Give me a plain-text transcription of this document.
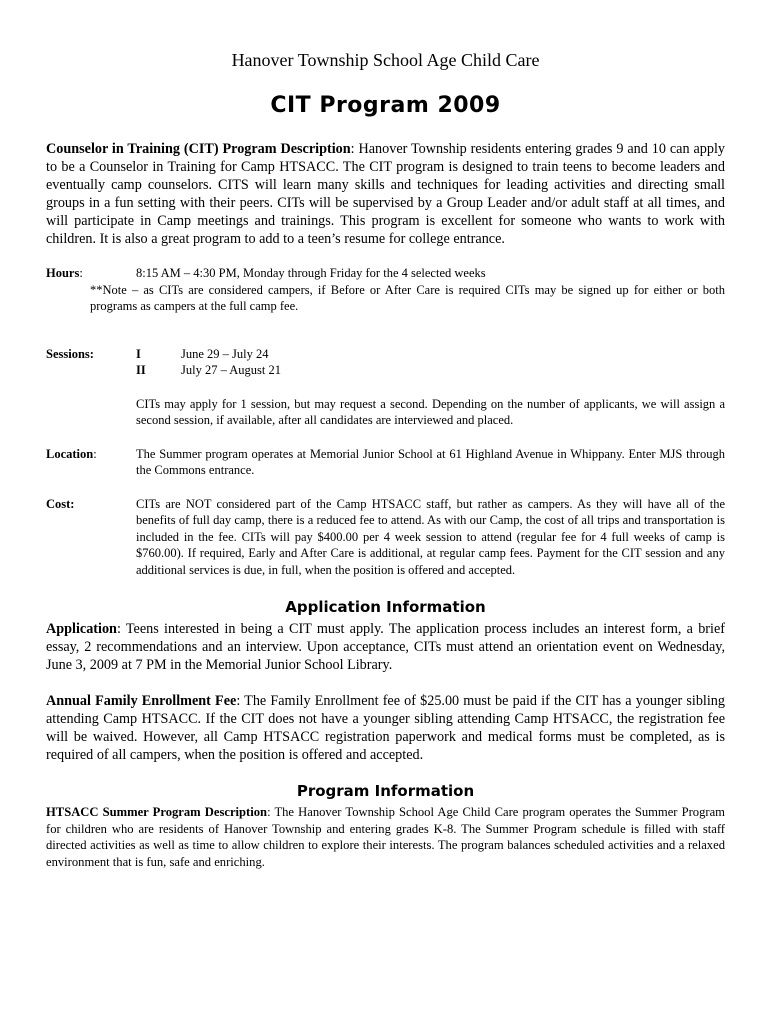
Hanover Township School Age Child Care
CIT Program 2009

Counselor in Training (CIT) Program Description: Hanover Township residents entering grades 9 and 10 can apply to be a Counselor in Training for Camp HTSACC. The CIT program is designed to train teens to become leaders and eventually camp counselors. CITS will learn many skills and techniques for leading activities and directing small groups in a fun setting with their peers. CITs will be supervised by a Group Leader and/or adult staff at all times, and will participate in Camp meetings and trainings. This program is excellent for someone who wants to work with children. It is also a great program to add to a teen’s resume for college entrance.

Hours:	8:15 AM – 4:30 PM, Monday through Friday for the 4 selected weeks
**Note – as CITs are considered campers, if Before or After Care is required CITs may be signed up for either or both programs as campers at the full camp fee.
Sessions:	I	June 29 – July 24
II	July 27 – August 21
CITs may apply for 1 session, but may request a second. Depending on the number of applicants, we will assign a second session, if available, after all candidates are interviewed and placed.
Location:	The Summer program operates at Memorial Junior School at 61 Highland Avenue in Whippany. Enter MJS through the Commons entrance.
Cost:	CITs are NOT considered part of the Camp HTSACC staff, but rather as campers. As they will have all of the benefits of full day camp, there is a reduced fee to attend. As with our Camp, the cost of all trips and transportation is included in the fee. CITs will pay $400.00 per 4 week session to attend (regular fee for 4 full weeks of camp is $760.00). If required, Early and After Care is additional, at regular camp fees. Payment for the CIT session and any additional services is due, in full, when the position is offered and accepted.
Application Information

Application: Teens interested in being a CIT must apply. The application process includes an interest form, a brief essay, 2 recommendations and an interview. Upon acceptance, CITs must attend an orientation event on Wednesday, June 3, 2009 at 7 PM in the Memorial Junior School Library.

Annual Family Enrollment Fee: The Family Enrollment fee of $25.00 must be paid if the CIT has a younger sibling attending Camp HTSACC. If the CIT does not have a younger sibling attending Camp HTSACC, the registration fee will be waived. However, all Camp HTSACC registration paperwork and medical forms must be completed, as is required of all campers, when the position is offered and accepted.

Program Information

HTSACC Summer Program Description: The Hanover Township School Age Child Care program operates the Summer Program for children who are residents of Hanover Township and entering grades K-8. The Summer Program schedule is filled with staff directed activities as well as time to allow children to explore their interests. The program balances scheduled activities and a relaxed environment that is fun, safe and enriching.
